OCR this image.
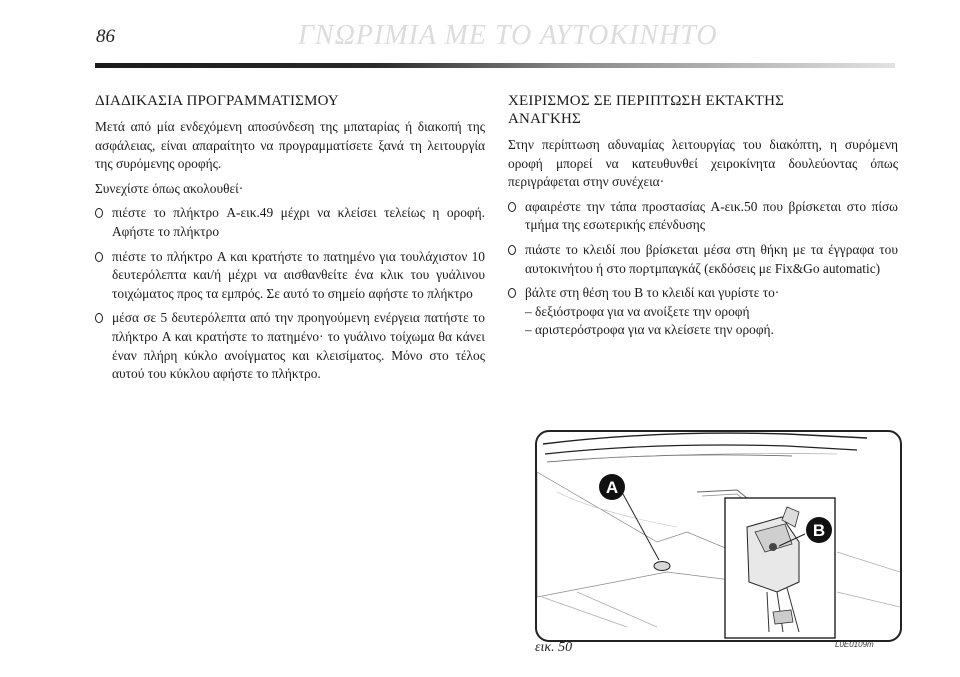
86	ΓΝΩΡΙΜΙΑ ΜΕ ΤΟ ΑΥΤΟΚΙΝΗΤΟ
ΔΙΑΔΙΚΑΣΙΑ ΠΡΟΓΡΑΜΜΑΤΙΣΜΟΥ

Μετά από μία ενδεχόμενη αποσύνδεση της μπαταρίας ή διακοπή της ασφάλειας, είναι απαραίτητο να προγραμματίσετε ξανά τη λειτουργία της συρόμενης οροφής.

Συνεχίστε όπως ακολουθεί·

πιέστε το πλήκτρο A-εικ.49 μέχρι να κλείσει τελείως η οροφή. Αφήστε το πλήκτρο
πιέστε το πλήκτρο A και κρατήστε το πατημένο για τουλάχιστον 10 δευτερόλεπτα και/ή μέχρι να αισθανθείτε ένα κλικ του γυάλινου τοιχώματος προς τα εμπρός. Σε αυτό το σημείο αφήστε το πλήκτρο
μέσα σε 5 δευτερόλεπτα από την προηγούμενη ενέργεια πατήστε το πλήκτρο A και κρατήστε το πατημένο· το γυάλινο τοίχωμα θα κάνει έναν πλήρη κύκλο ανοίγματος και κλεισίματος. Μόνο στο τέλος αυτού του κύκλου αφήστε το πλήκτρο.
ΧΕΙΡΙΣΜΟΣ ΣΕ ΠΕΡΙΠΤΩΣΗ ΕΚΤΑΚΤΗΣ
ΑΝΑΓΚΗΣ

Στην περίπτωση αδυναμίας λειτουργίας του διακόπτη, η συρόμενη οροφή μπορεί να κατευθυνθεί χειροκίνητα δουλεύοντας όπως περιγράφεται στην συνέχεια·

αφαιρέστε την τάπα προστασίας A-εικ.50 που βρίσκεται στο πίσω τμήμα της εσωτερικής επένδυσης
πιάστε το κλειδί που βρίσκεται μέσα στη θήκη με τα έγγραφα του αυτοκινήτου ή στο πορτμπαγκάζ (εκδόσεις με Fix&Go automatic)
βάλτε στη θέση του B το κλειδί και γυρίστε το·
– δεξιόστροφα για να ανοίξετε την οροφή
– αριστερόστροφα για να κλείσετε την οροφή.
A
B
εικ. 50	L0E0109m
